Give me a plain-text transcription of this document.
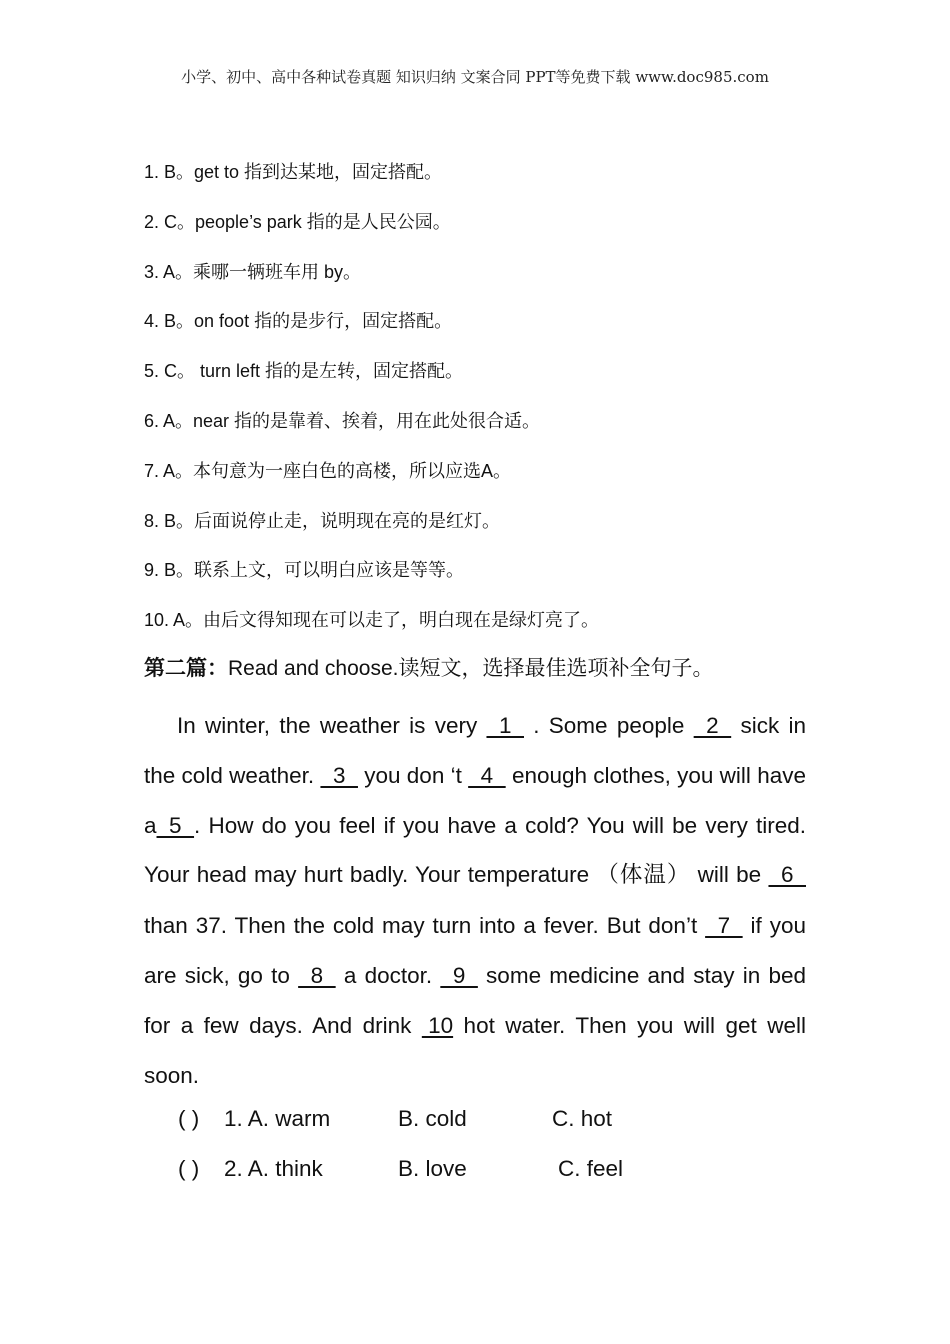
小学、初中、高中各种试卷真题 知识归纳 文案合同 PPT等免费下载 www.doc985.com
1. B。get to 指到达某地，固定搭配。
2. C。people’s park 指的是人民公园。
3. A。乘哪一辆班车用 by。
4. B。on foot 指的是步行，固定搭配。
5. C。 turn left 指的是左转，固定搭配。
6. A。near 指的是靠着、挨着，用在此处很合适。
7. A。本句意为一座白色的高楼，所以应选A。
8. B。后面说停止走，说明现在亮的是红灯。
9. B。联系上文，可以明白应该是等等。
10. A。由后文得知现在可以走了，明白现在是绿灯亮了。
第二篇：Read and choose.读短文，选择最佳选项补全句子。
In winter, the weather is very   1   . Some people   2   sick in the cold weather.   3   you don ‘t   4   enough clothes, you will have a  5  . How do you feel if you have a cold? You will be very tired. Your head may hurt badly. Your temperature （体温） will be   6   than 37. Then the cold may turn into a fever. But don’t   7   if you are sick, go to   8   a doctor.   9   some medicine and stay in bed for a few days. And drink  10 hot water. Then you will get well soon.
( ) 1. A. warm	B. cold	C. hot
( ) 2. A. think	B. love	C. feel
